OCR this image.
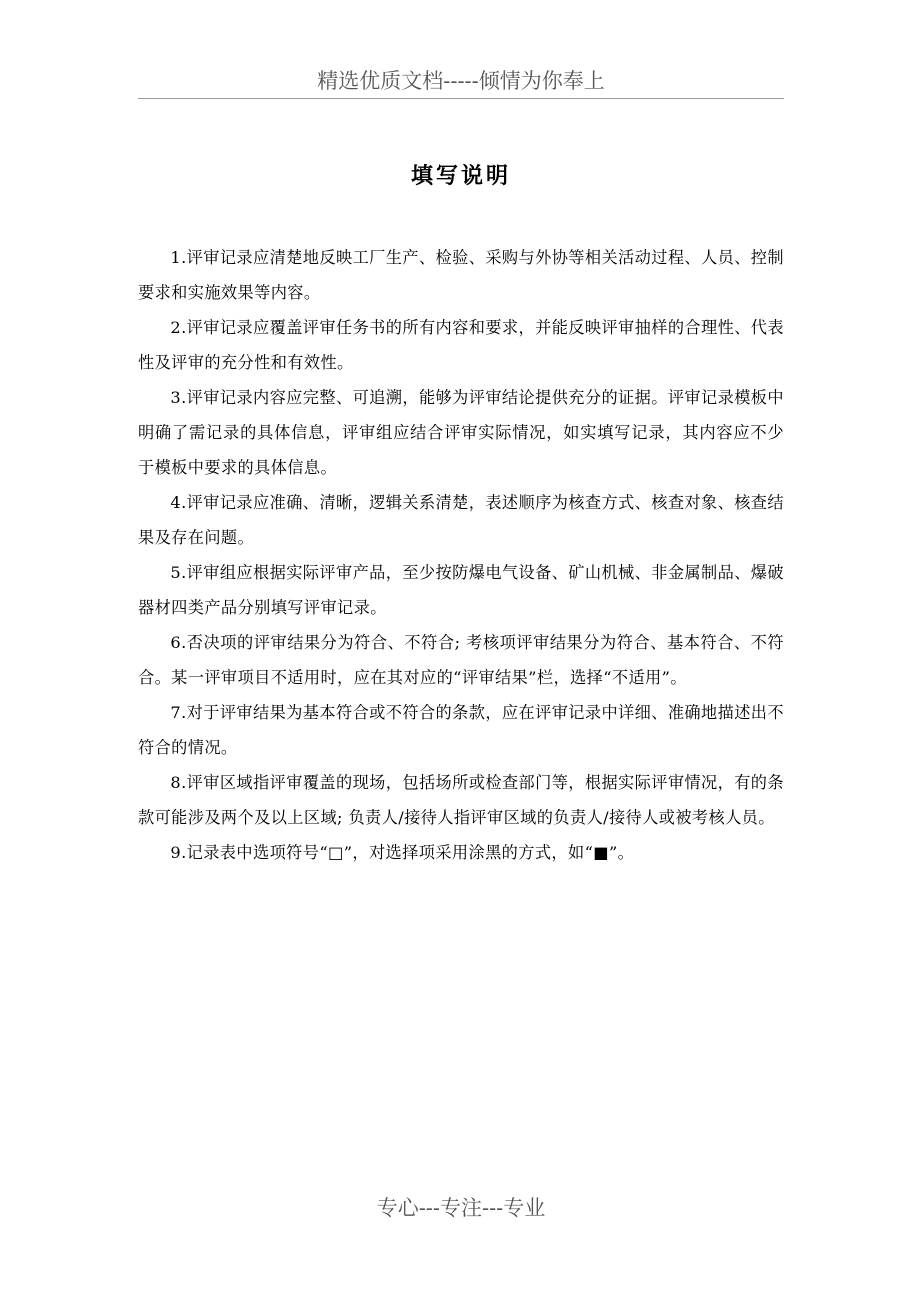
精选优质文档-----倾情为你奉上
填写说明

1.评审记录应清楚地反映工厂生产、检验、采购与外协等相关活动过程、人员、控制要求和实施效果等内容。

2.评审记录应覆盖评审任务书的所有内容和要求，并能反映评审抽样的合理性、代表性及评审的充分性和有效性。

3.评审记录内容应完整、可追溯，能够为评审结论提供充分的证据。评审记录模板中明确了需记录的具体信息，评审组应结合评审实际情况，如实填写记录，其内容应不少于模板中要求的具体信息。

4.评审记录应准确、清晰，逻辑关系清楚，表述顺序为核查方式、核查对象、核查结果及存在问题。

5.评审组应根据实际评审产品，至少按防爆电气设备、矿山机械、非金属制品、爆破器材四类产品分别填写评审记录。

6.否决项的评审结果分为符合、不符合; 考核项评审结果分为符合、基本符合、不符合。某一评审项目不适用时，应在其对应的“评审结果”栏，选择“不适用”。

7.对于评审结果为基本符合或不符合的条款，应在评审记录中详细、准确地描述出不符合的情况。

8.评审区域指评审覆盖的现场，包括场所或检查部门等，根据实际评审情况，有的条款可能涉及两个及以上区域; 负责人/接待人指评审区域的负责人/接待人或被考核人员。

9.记录表中选项符号“□”，对选择项采用涂黑的方式，如“■”。

专心---专注---专业
